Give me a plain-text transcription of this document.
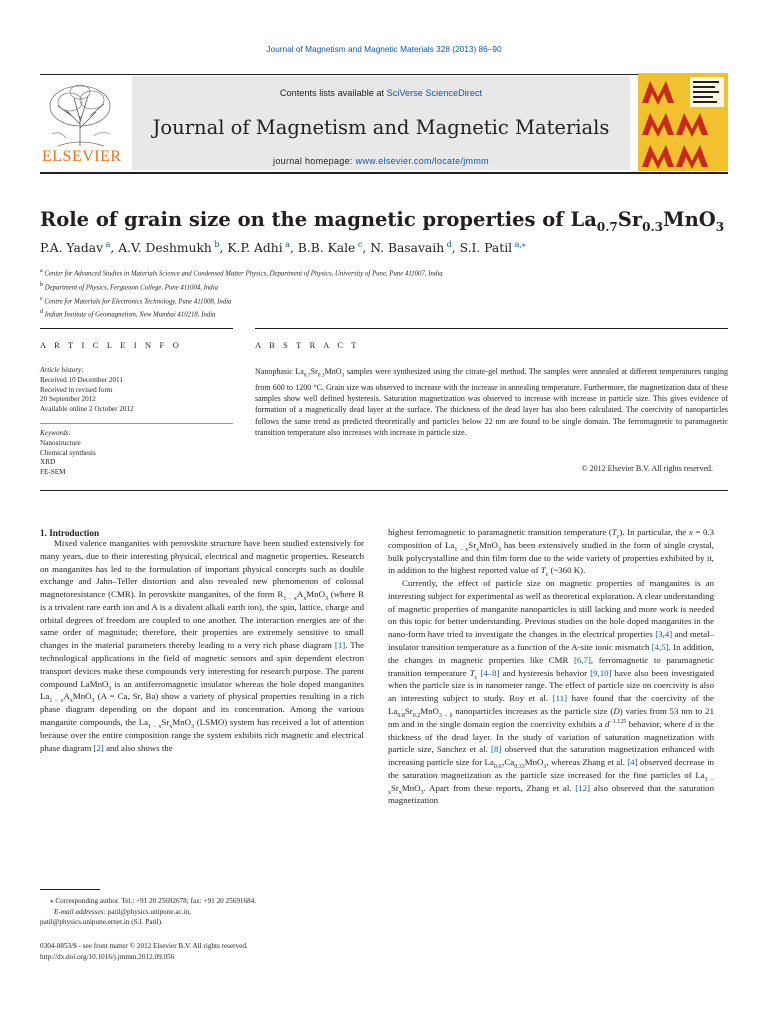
Journal of Magnetism and Magnetic Materials 328 (2013) 86–90
ELSEVIER
Contents lists available at SciVerse ScienceDirect
Journal of Magnetism and Magnetic Materials
journal homepage: www.elsevier.com/locate/jmmm
Role of grain size on the magnetic properties of $La_{0.7}Sr_{0.3}MnO_3$
P.A. Yadav $^a$, A.V. Deshmukh $^b$, K.P. Adhi $^a$, B.B. Kale $^c$, N. Basavaih $^d$, S.I. Patil $^{a,⁎}$
$^a$ Center for Advanced Studies in Materials Science and Condensed Matter Physics, Department of Physics, University of Pune, Pune 411007, India
$^b$ Department of Physics, Fergusson College, Pune 411004, India
$^c$ Centre for Materials for Electronics Technology, Pune 411008, India
$^d$ Indian Institute of Geomagnetism, New Mumbai 410218, India
A R T I C L E I N F O	A B S T R A C T
Article history:
Received 10 December 2011
Received in revised form
20 September 2012
Available online 2 October 2012
Keywords:
Nanostructure
Chemical synthesis
XRD
FE-SEM
Nanophasic $La_{0.7}Sr_{0.3}MnO_3$ samples were synthesized using the citrate-gel method. The samples were annealed at different temperatures ranging from 600 to 1200 °C. Grain size was observed to increase with the increase in annealing temperature. Furthermore, the magnetization data of these samples show well defined hysteresis. Saturation magnetization was observed to increase with increase in particle size. This gives evidence of formation of a magnetically dead layer at the surface. The thickness of the dead layer has also been calculated. The coercivity of nanoparticles follows the same trend as predicted theoretically and particles below 22 nm are found to be single domain. The ferromagnetic to paramagnetic transition temperature also increases with increase in particle size.
© 2012 Elsevier B.V. All rights reserved.
1. Introduction

Mixed valence manganites with perovskite structure have been studied extensively for many years, due to their interesting physical, electrical and magnetic properties. Research on manganites has led to the formulation of important physical concepts such as double exchange and Jahn–Teller distortion and also revealed new phenomenon of colossal magnetoresistance (CMR). In perovskite manganites, of the form $R_{1 - x}A_xMnO_3$ (where R is a trivalent rare earth ion and A is a divalent alkali earth ion), the spin, lattice, charge and orbital degrees of freedom are coupled to one another. The interaction energies are of the same order of magnitude; therefore, their properties are extremely sensitive to small changes in the material parameters thereby leading to a very rich phase diagram [1]. The technological applications in the field of magnetic sensors and spin dependent electron transport devices make these compounds very interesting for research purpose. The parent compound LaMnO$_3$ is an antiferromagnetic insulator whereas the hole doped manganites $La_{1 - x}A_xMnO_3$ (A = Ca, Sr, Ba) show a variety of physical properties resulting in a rich phase diagram depending on the dopant and its concentration. Among the various manganite compounds, the $La_{1 - x}Sr_xMnO_3$ (LSMO) system has received a lot of attention because over the entire composition range the system exhibits rich magnetic and electrical phase diagram [2] and also shows the

highest ferromagnetic to paramagnetic transition temperature $(T_c)$. In particular, the x = 0.3 composition of $La_{1 - x}Sr_xMnO_3$ has been extensively studied in the form of single crystal, bulk polycrystalline and thin film form due to the wide variety of properties exhibited by it, in addition to the highest reported value of $T_c$ (~360 K).

Currently, the effect of particle size on magnetic properties of manganites is an interesting subject for experimental as well as theoretical exploration. A clear understanding of magnetic properties of manganite nanoparticles is still lacking and more work is needed on this topic for better understanding. Previous studies on the hole doped manganites in the nano-form have tried to investigate the changes in the electrical properties [3,4] and metal–insulator transition temperature as a function of the A-site ionic mismatch [4,5]. In addition, the changes in magnetic properties like CMR [6,7], ferromagnetic to paramagnetic transition temperature $T_c$ [4–8] and hysteresis behavior [9,10] have also been investigated when the particle size is in nanometer range. The effect of particle size on coercivity is also an interesting subject to study. Roy et al. [11] have found that the coercivity of the $La_{0.8}Sr_{0.2}MnO_{3 - \delta}$ nanoparticles increases as the particle size (D) varies from 53 nm to 21 nm and in the single domain region the coercivity exhibits a $d^{-1.125}$ behavior, where d is the thickness of the dead layer. In the study of variation of saturation magnetization with particle size, Sanchez et al. [8] observed that the saturation magnetization enhanced with increasing particle size for $La_{0.67}Ca_{0.33}MnO_3$, whereas Zhang et al. [4] observed decrease in the saturation magnetization as the particle size increased for the fine particles of $La_{1 - x}Sr_xMnO_3$. Apart from these reports, Zhang et al. [12] also observed that the saturation magnetization

⁎ Corresponding author. Tel.: +91 20 25692678; fax: +91 20 25691684.
E-mail addresses: patil@physics.unipune.ac.in,
patil@physics.unipune.ernet.in (S.I. Patil).
0304-8853/$ - see front matter © 2012 Elsevier B.V. All rights reserved.
http://dx.doi.org/10.1016/j.jmmm.2012.09.056
